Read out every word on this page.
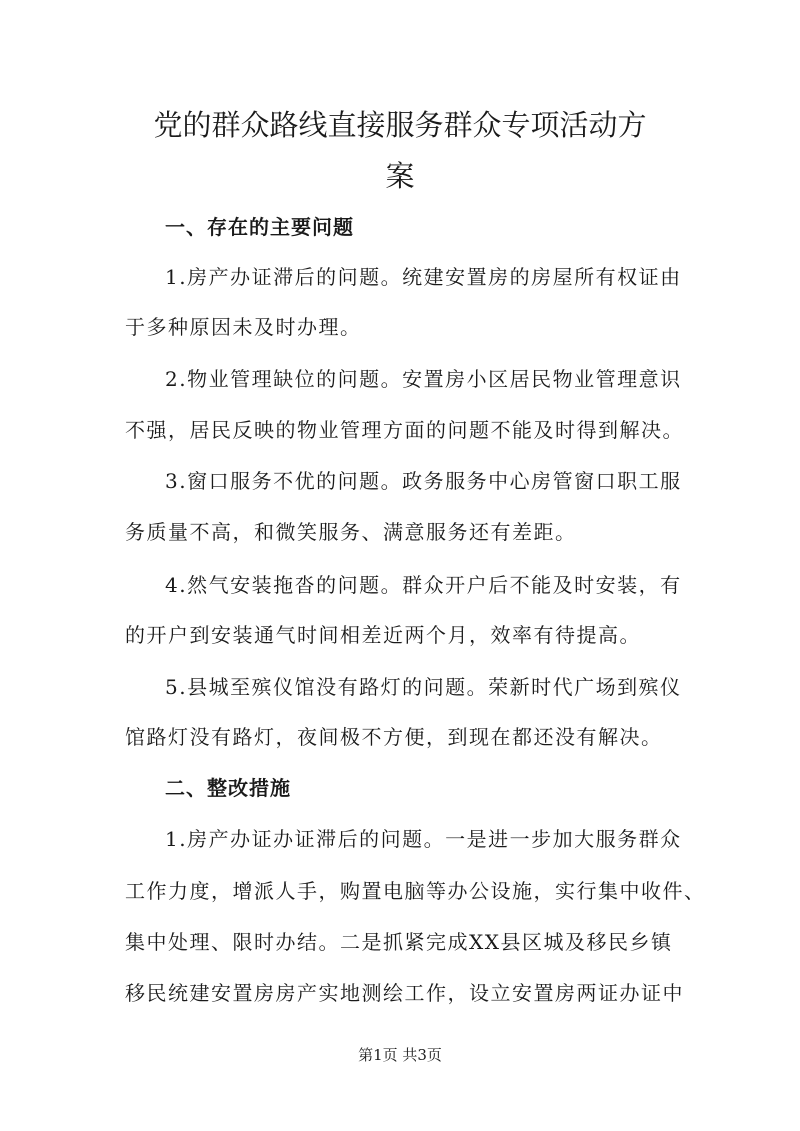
党的群众路线直接服务群众专项活动方
案
一、存在的主要问题
1.房产办证滞后的问题。统建安置房的房屋所有权证由
于多种原因未及时办理。
2.物业管理缺位的问题。安置房小区居民物业管理意识
不强，居民反映的物业管理方面的问题不能及时得到解决。
3.窗口服务不优的问题。政务服务中心房管窗口职工服
务质量不高，和微笑服务、满意服务还有差距。
4.然气安装拖沓的问题。群众开户后不能及时安装，有
的开户到安装通气时间相差近两个月，效率有待提高。
5.县城至殡仪馆没有路灯的问题。荣新时代广场到殡仪
馆路灯没有路灯，夜间极不方便，到现在都还没有解决。
二、整改措施
1.房产办证办证滞后的问题。一是进一步加大服务群众
工作力度，增派人手，购置电脑等办公设施，实行集中收件、
集中处理、限时办结。二是抓紧完成XX县区城及移民乡镇
移民统建安置房房产实地测绘工作，设立安置房两证办证中
第1页 共3页
